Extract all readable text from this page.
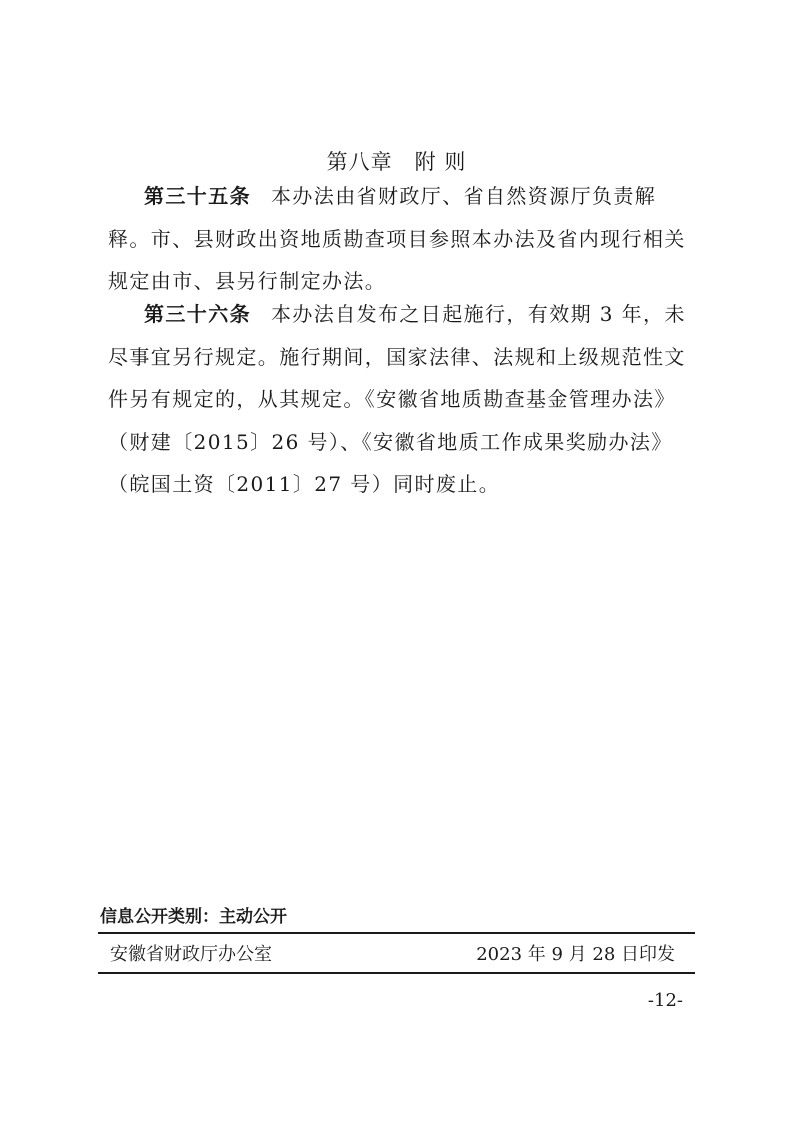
第八章 附 则

第三十五条 本办法由省财政厅、省自然资源厅负责解释。市、县财政出资地质勘查项目参照本办法及省内现行相关规定由市、县另行制定办法。

第三十六条 本办法自发布之日起施行，有效期 3 年，未尽事宜另行规定。施行期间，国家法律、法规和上级规范性文件另有规定的，从其规定。《安徽省地质勘查基金管理办法》（财建〔2015〕26 号）、《安徽省地质工作成果奖励办法》（皖国土资〔2011〕27 号）同时废止。

信息公开类别：主动公开
安徽省财政厅办公室	2023 年 9 月 28 日印发
-12-
